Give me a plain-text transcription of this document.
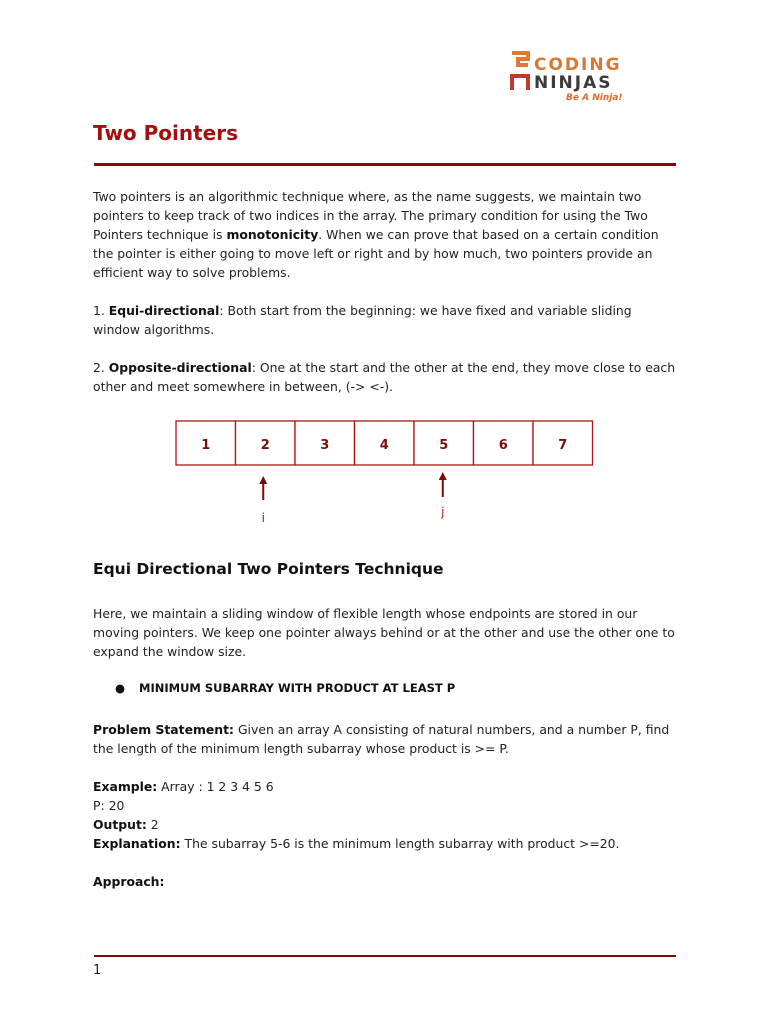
CODING
NINJAS
Be A Ninja!
Two Pointers

Two pointers is an algorithmic technique where, as the name suggests, we maintain two pointers to keep track of two indices in the array. The primary condition for using the Two Pointers technique is monotonicity. When we can prove that based on a certain condition the pointer is either going to move left or right and by how much, two pointers provide an efficient way to solve problems.

1. Equi-directional: Both start from the beginning: we have fixed and variable sliding window algorithms.

2. Opposite-directional: One at the start and the other at the end, they move close to each other and meet somewhere in between, (-> <-).

1	2	3	4	5	6	7
i	j
Equi Directional Two Pointers Technique

Here, we maintain a sliding window of flexible length whose endpoints are stored in our moving pointers. We keep one pointer always behind or at the other and use the other one to expand the window size.

● MINIMUM SUBARRAY WITH PRODUCT AT LEAST P

Problem Statement: Given an array A consisting of natural numbers, and a number P, find the length of the minimum length subarray whose product is >= P.

Example: Array : 1 2 3 4 5 6
P: 20
Output: 2
Explanation: The subarray 5-6 is the minimum length subarray with product >=20.

Approach:

1
